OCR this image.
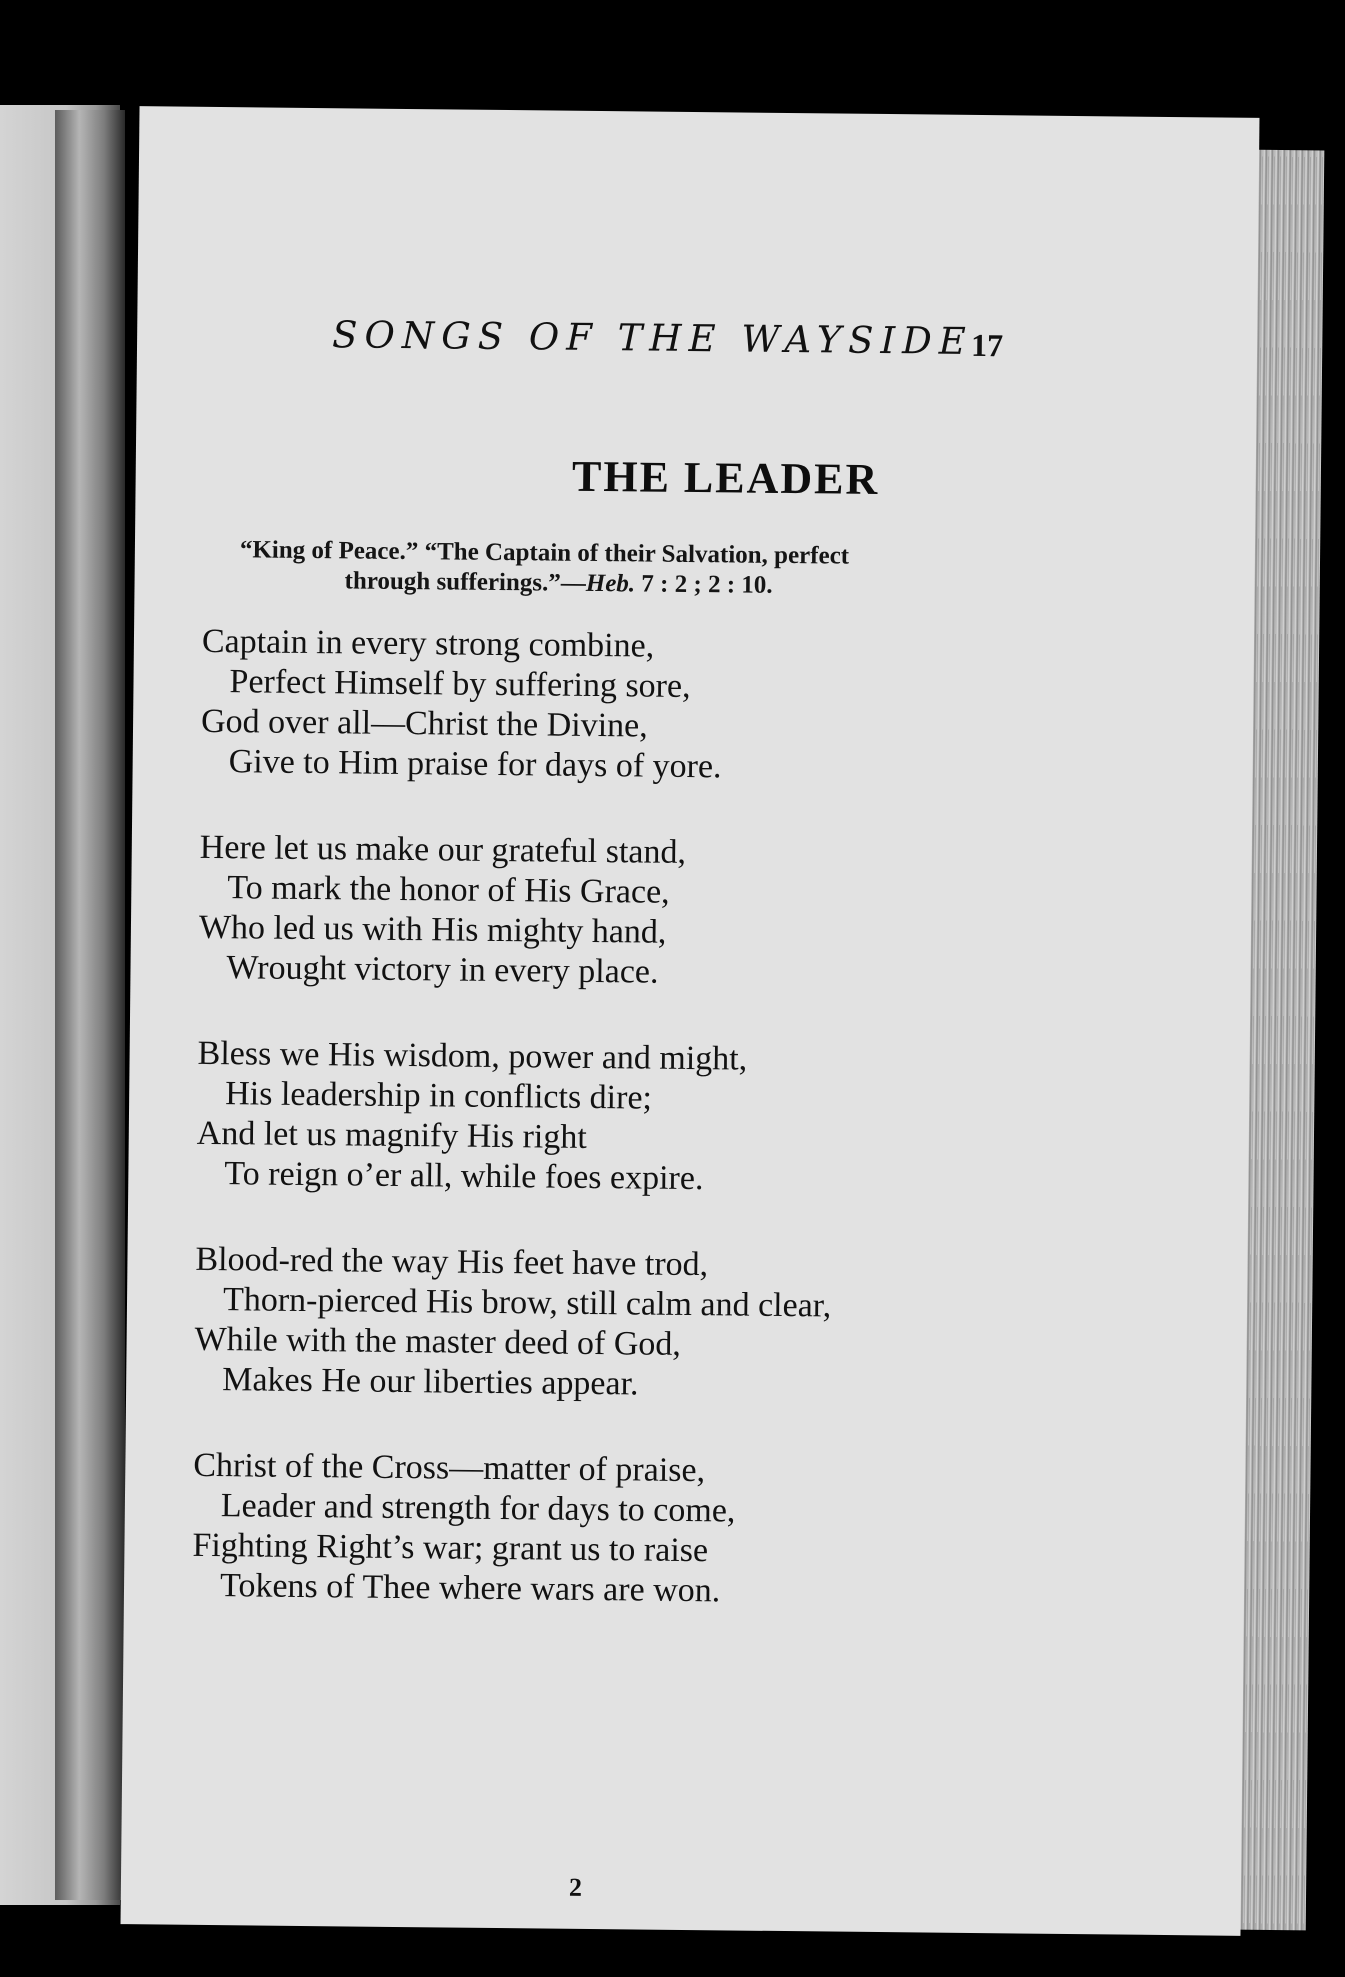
SONGS OF THE WAYSIDE
17
THE LEADER
“King of Peace.” “The Captain of their Salvation, perfect
through sufferings.”—Heb. 7 : 2 ; 2 : 10.
Captain in every strong combine,
Perfect Himself by suffering sore,
God over all—Christ the Divine,
Give to Him praise for days of yore.
Here let us make our grateful stand,
To mark the honor of His Grace,
Who led us with His mighty hand,
Wrought victory in every place.
Bless we His wisdom, power and might,
His leadership in conflicts dire;
And let us magnify His right
To reign o’er all, while foes expire.
Blood-red the way His feet have trod,
Thorn-pierced His brow, still calm and clear,
While with the master deed of God,
Makes He our liberties appear.
Christ of the Cross—matter of praise,
Leader and strength for days to come,
Fighting Right’s war; grant us to raise
Tokens of Thee where wars are won.
2
